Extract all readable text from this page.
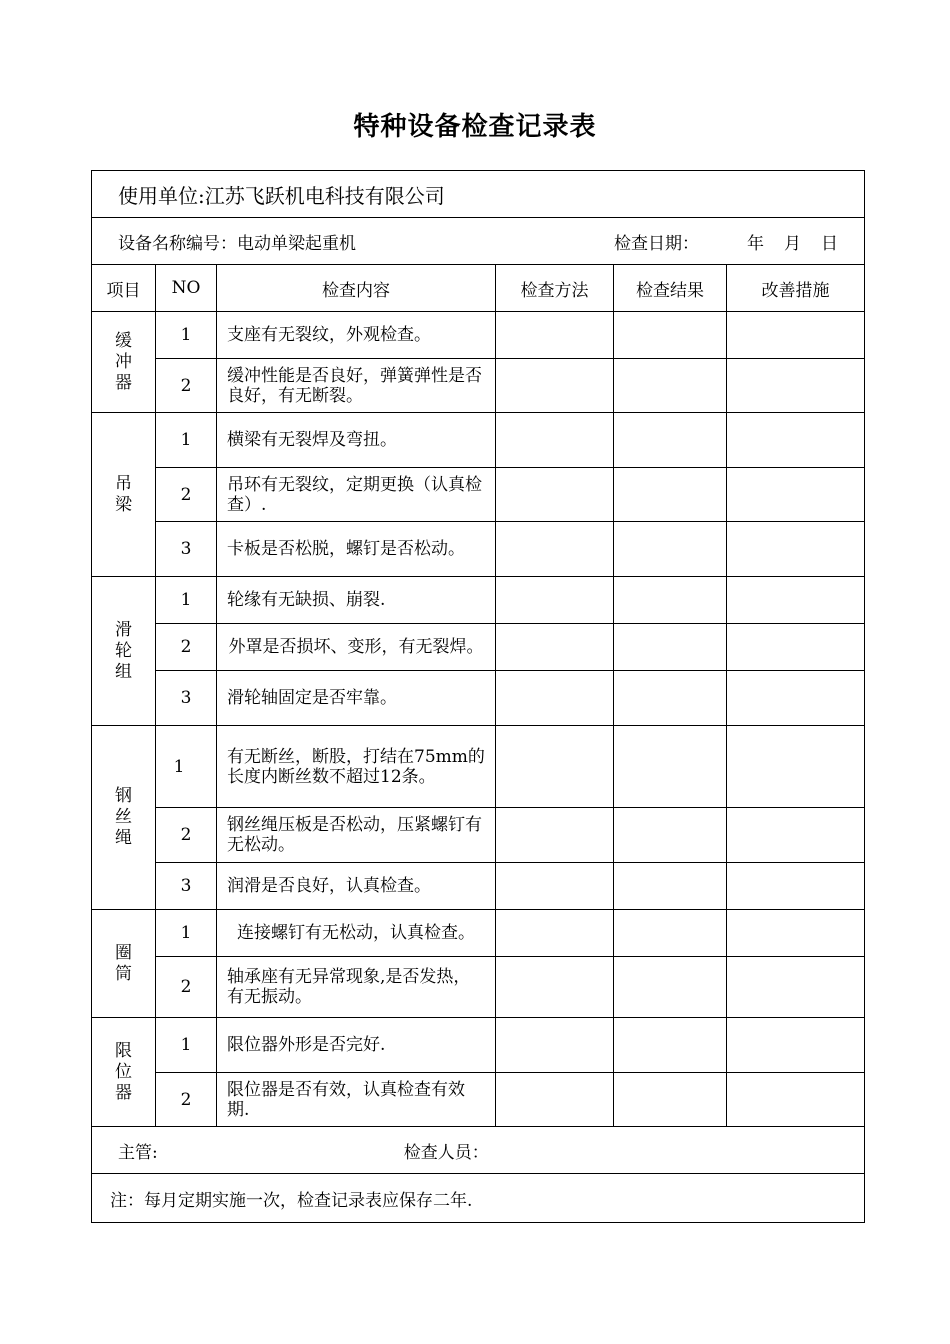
特种设备检查记录表
使用单位:江苏飞跃机电科技有限公司					
设备名称编号：电动单梁起重机 检查日期： 年 月 日					

项目	NO	检查内容	检查方法	检查结果	改善措施
缓冲器	1	支座有无裂纹，外观检查。			
	2	缓冲性能是否良好，弹簧弹性是否良好，有无断裂。			
吊梁	1	横梁有无裂焊及弯扭。			
	2	吊环有无裂纹，定期更换（认真检查）.			
	3	卡板是否松脱，螺钉是否松动。			
滑轮组	1	轮缘有无缺损、崩裂.			
	2	外罩是否损坏、变形，有无裂焊。			
	3	滑轮轴固定是否牢靠。			
钢丝绳	1	有无断丝，断股，打结在75mm的长度内断丝数不超过12条。			
	2	钢丝绳压板是否松动，压紧螺钉有无松动。			
	3	润滑是否良好，认真检查。			
圈筒	1	连接螺钉有无松动，认真检查。			
	2	轴承座有无异常现象,是否发热，有无振动。			
限位器	1	限位器外形是否完好.			
	2	限位器是否有效，认真检查有效期.			
主管: 检查人员：					
注：每月定期实施一次，检查记录表应保存二年.					
